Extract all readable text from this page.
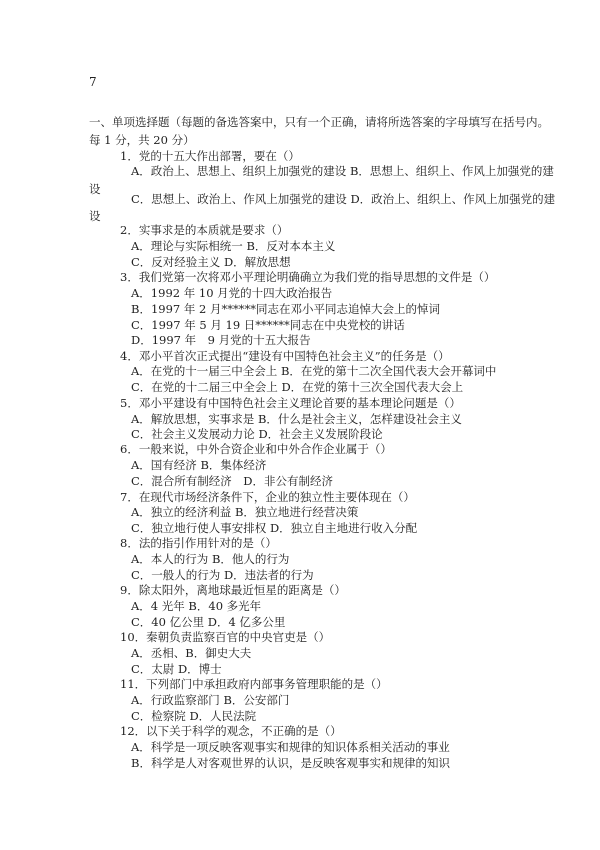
7
一、单项选择题（每题的备选答案中，只有一个正确，请将所选答案的字母填写在括号内。
每 1 分，共 20 分）
1．党的十五大作出部署，要在（）
A．政治上、思想上、组织上加强党的建设 B．思想上、组织上、作风上加强党的建
设
C．思想上、政治上、作风上加强党的建设 D．政治上、组织上、作风上加强党的建
设
2．实事求是的本质就是要求（）
A．理论与实际相统一 B．反对本本主义
C．反对经验主义 D．解放思想
3．我们党第一次将邓小平理论明确确立为我们党的指导思想的文件是（）
A．1992 年 10 月党的十四大政治报告
B．1997 年 2 月******同志在邓小平同志追悼大会上的悼词
C．1997 年 5 月 19 日******同志在中央党校的讲话
D．1997 年　9 月党的十五大报告
4．邓小平首次正式提出“建设有中国特色社会主义”的任务是（）
A．在党的十一届三中全会上 B．在党的第十二次全国代表大会开幕词中
C．在党的十二届三中全会上 D．在党的第十三次全国代表大会上
5．邓小平建设有中国特色社会主义理论首要的基本理论问题是（）
A．解放思想，实事求是 B．什么是社会主义，怎样建设社会主义
C．社会主义发展动力论 D．社会主义发展阶段论
6．一般来说，中外合资企业和中外合作企业属于（）
A．国有经济 B．集体经济
C．混合所有制经济　D．非公有制经济
7．在现代市场经济条件下，企业的独立性主要体现在（）
A．独立的经济利益 B．独立地进行经营决策
C．独立地行使人事安排权 D．独立自主地进行收入分配
8．法的指引作用针对的是（）
A．本人的行为 B．他人的行为
C．一般人的行为 D．违法者的行为
9．除太阳外，离地球最近恒星的距离是（）
A．4 光年 B．40 多光年
C．40 亿公里 D．4 亿多公里
10．秦朝负责监察百官的中央官吏是（）
A．丞相、B．御史大夫
C．太尉 D．博士
11．下列部门中承担政府内部事务管理职能的是（）
A．行政监察部门 B．公安部门
C．检察院 D．人民法院
12．以下关于科学的观念，不正确的是（）
A．科学是一项反映客观事实和规律的知识体系相关活动的事业
B．科学是人对客观世界的认识，是反映客观事实和规律的知识
